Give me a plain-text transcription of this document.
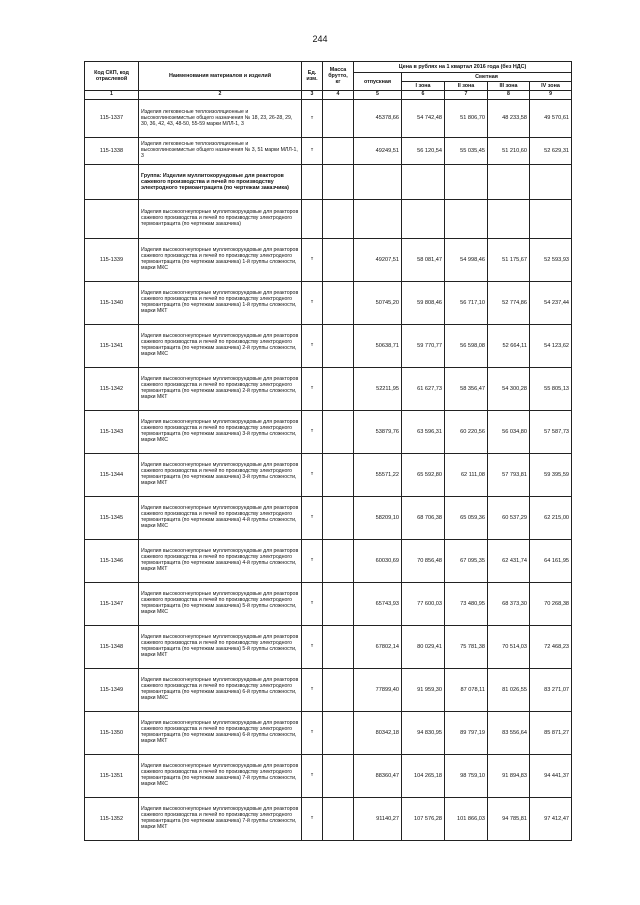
244
Код СКП, код отраслевой	Наименования материалов и изделий	Ед. изм.	Масса брутто, кг	Цена в рублях на 1 квартал 2016 года (без НДС)				
				отпускная	Сметная			
					I зона	II зона	III зона	IV зона
1	2	3	4	5	6	7	8	9
115-1337	Изделия легковесные теплоизоляционные и высокоглиноземистые общего назначения № 18, 23, 26-28, 29, 30, 36, 42, 43, 48-50, 55-59 марки МЛЛ-1, 3	т		45378,66	54 742,48	51 806,70	48 233,58	49 570,61
115-1338	Изделия легковесные теплоизоляционные и высокоглиноземистые общего назначения № 3, 51 марки МЛЛ-1, 3	т		49249,51	56 120,54	55 035,45	51 210,60	52 629,31
	Группа: Изделия муллитокорундовые для реакторов сажевого производства и печей по производству электродного термоантрацита (по чертежам заказчика)							
	Изделия высокоогнеупорные муллитокорундовые для реакторов сажевого производства и печей по производству электродного термоантрацита (по чертежам заказчика)							
115-1339	Изделия высокоогнеупорные муллитокорундовые для реакторов сажевого производства и печей по производству электродного термоантрацита (по чертежам заказчика) 1-й группы сложности, марки МКС	т		49207,51	58 081,47	54 998,46	51 175,67	52 593,93
115-1340	Изделия высокоогнеупорные муллитокорундовые для реакторов сажевого производства и печей по производству электродного термоантрацита (по чертежам заказчика) 1-й группы сложности, марки МКТ	т		50745,20	59 808,46	56 717,10	52 774,86	54 237,44
115-1341	Изделия высокоогнеупорные муллитокорундовые для реакторов сажевого производства и печей по производству электродного термоантрацита (по чертежам заказчика) 2-й группы сложности, марки МКС	т		50638,71	59 770,77	56 598,08	52 664,11	54 123,62
115-1342	Изделия высокоогнеупорные муллитокорундовые для реакторов сажевого производства и печей по производству электродного термоантрацита (по чертежам заказчика) 2-й группы сложности, марки МКТ	т		52211,95	61 627,73	58 356,47	54 300,28	55 805,13
115-1343	Изделия высокоогнеупорные муллитокорундовые для реакторов сажевого производства и печей по производству электродного термоантрацита (по чертежам заказчика) 3-й группы сложности, марки МКС	т		53879,76	63 596,31	60 220,56	56 034,80	57 587,73
115-1344	Изделия высокоогнеупорные муллитокорундовые для реакторов сажевого производства и печей по производству электродного термоантрацита (по чертежам заказчика) 3-й группы сложности, марки МКТ	т		55571,22	65 592,80	62 111,08	57 793,81	59 395,59
115-1345	Изделия высокоогнеупорные муллитокорундовые для реакторов сажевого производства и печей по производству электродного термоантрацита (по чертежам заказчика) 4-й группы сложности, марки МКС	т		58209,10	68 706,38	65 059,36	60 537,29	62 215,00
115-1346	Изделия высокоогнеупорные муллитокорундовые для реакторов сажевого производства и печей по производству электродного термоантрацита (по чертежам заказчика) 4-й группы сложности, марки МКТ	т		60030,69	70 856,48	67 095,35	62 431,74	64 161,95
115-1347	Изделия высокоогнеупорные муллитокорундовые для реакторов сажевого производства и печей по производству электродного термоантрацита (по чертежам заказчика) 5-й группы сложности, марки МКС	т		65743,93	77 600,03	73 480,95	68 373,30	70 268,38
115-1348	Изделия высокоогнеупорные муллитокорундовые для реакторов сажевого производства и печей по производству электродного термоантрацита (по чертежам заказчика) 5-й группы сложности, марки МКТ	т		67802,14	80 029,41	75 781,38	70 514,03	72 468,23
115-1349	Изделия высокоогнеупорные муллитокорундовые для реакторов сажевого производства и печей по производству электродного термоантрацита (по чертежам заказчика) 6-й группы сложности, марки МКС	т		77899,40	91 959,30	87 078,11	81 026,55	83 271,07
115-1350	Изделия высокоогнеупорные муллитокорундовые для реакторов сажевого производства и печей по производству электродного термоантрацита (по чертежам заказчика) 6-й группы сложности, марки МКТ	т		80342,18	94 830,95	89 797,19	83 556,64	85 871,27
115-1351	Изделия высокоогнеупорные муллитокорундовые для реакторов сажевого производства и печей по производству электродного термоантрацита (по чертежам заказчика) 7-й группы сложности, марки МКС	т		88360,47	104 265,18	98 759,10	91 894,83	94 441,37
115-1352	Изделия высокоогнеупорные муллитокорундовые для реакторов сажевого производства и печей по производству электродного термоантрацита (по чертежам заказчика) 7-й группы сложности, марки МКТ	т		91140,27	107 576,28	101 866,03	94 785,81	97 412,47
